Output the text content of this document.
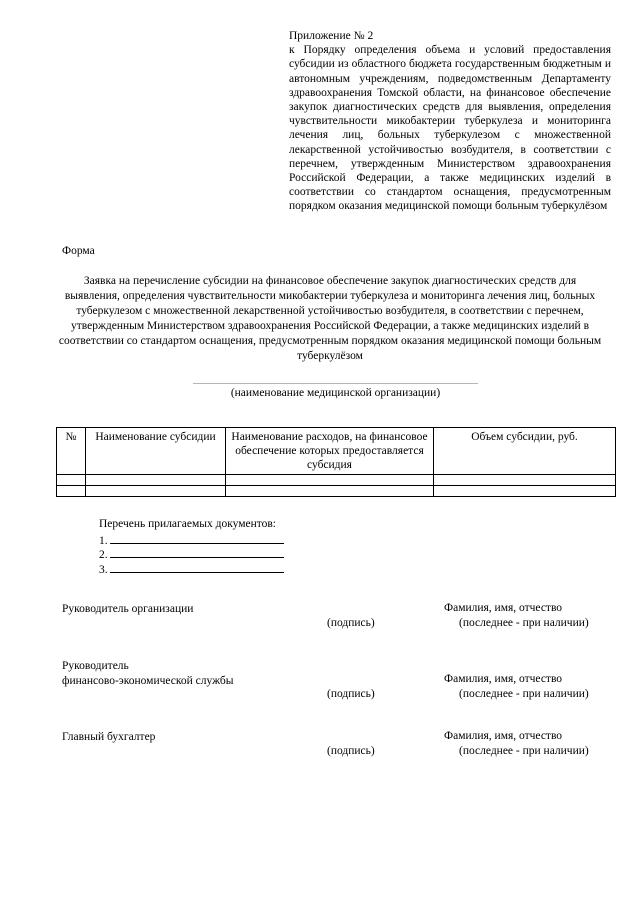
Приложение № 2
к Порядку определения объема и условий предоставления субсидии из областного бюджета государственным бюджетным и автономным учреждениям, подведомственным Департаменту здравоохранения Томской области, на финансовое обеспечение закупок диагностических средств для выявления, определения чувствительности микобактерии туберкулеза и мониторинга лечения лиц, больных туберкулезом с множественной лекарственной устойчивостью возбудителя, в соответствии с перечнем, утвержденным Министерством здравоохранения Российской Федерации, а также медицинских изделий в соответствии со стандартом оснащения, предусмотренным порядком оказания медицинской помощи больным туберкулёзом
Форма
Заявка на перечисление субсидии на финансовое обеспечение закупок диагностических средств для выявления, определения чувствительности микобактерии туберкулеза и мониторинга лечения лиц, больных туберкулезом с множественной лекарственной устойчивостью возбудителя, в соответствии с перечнем, утвержденным Министерством здравоохранения Российской Федерации, а также медицинских изделий в соответствии со стандартом оснащения, предусмотренным порядком оказания медицинской помощи больным туберкулёзом
(наименование медицинской организации)
№	Наименование субсидии	Наименование расходов, на финансовое обеспечение которых предоставляется субсидия	Объем субсидии, руб.

Перечень прилагаемых документов:
1.
2.
3.
Руководитель организации	Фамилия, имя, отчество
(подпись)	(последнее - при наличии)
Руководитель
финансово-экономической службы	Фамилия, имя, отчество
(подпись)	(последнее - при наличии)
Главный бухгалтер	Фамилия, имя, отчество
(подпись)	(последнее - при наличии)
